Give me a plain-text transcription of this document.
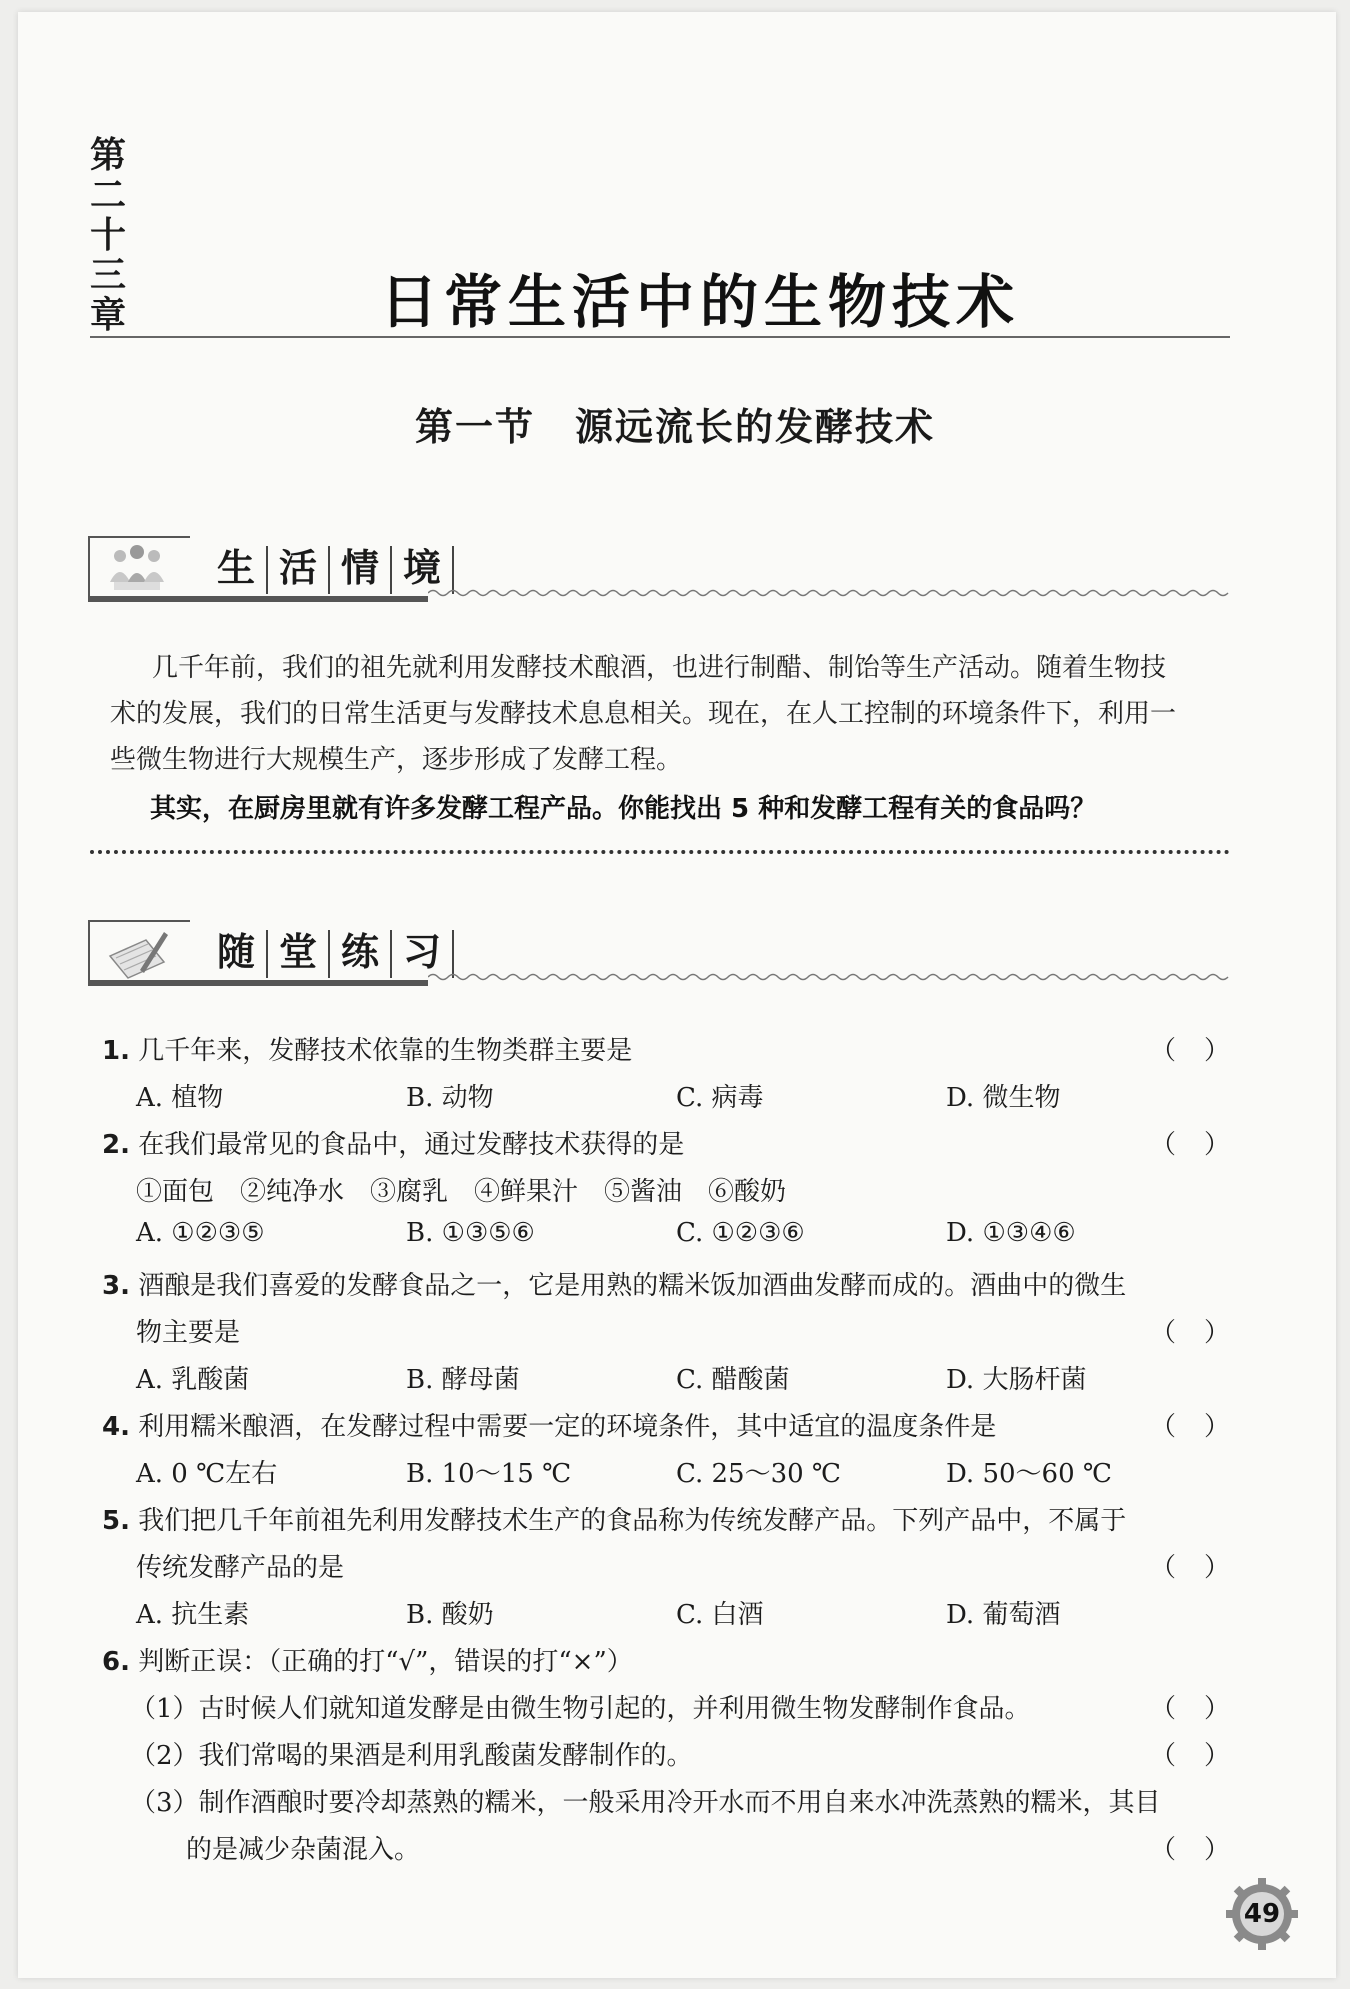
第
二
十
三
章	日常生活中的生物技术
第一节　源远流长的发酵技术
生 活 情 境
几千年前，我们的祖先就利用发酵技术酿酒，也进行制醋、制饴等生产活动。随着生物技
术的发展，我们的日常生活更与发酵技术息息相关。现在，在人工控制的环境条件下，利用一
些微生物进行大规模生产，逐步形成了发酵工程。
其实，在厨房里就有许多发酵工程产品。你能找出 5 种和发酵工程有关的食品吗？
随 堂 练 习
1. 几千年来，发酵技术依靠的生物类群主要是	（ ）
A. 植物	B. 动物	C. 病毒	D. 微生物
2. 在我们最常见的食品中，通过发酵技术获得的是	（ ）
①面包　②纯净水　③腐乳　④鲜果汁　⑤酱油　⑥酸奶
A. ①②③⑤	B. ①③⑤⑥	C. ①②③⑥	D. ①③④⑥
3. 酒酿是我们喜爱的发酵食品之一，它是用熟的糯米饭加酒曲发酵而成的。酒曲中的微生
物主要是	（ ）
A. 乳酸菌	B. 酵母菌	C. 醋酸菌	D. 大肠杆菌
4. 利用糯米酿酒，在发酵过程中需要一定的环境条件，其中适宜的温度条件是	（ ）
A. 0 ℃左右	B. 10～15 ℃	C. 25～30 ℃	D. 50～60 ℃
5. 我们把几千年前祖先利用发酵技术生产的食品称为传统发酵产品。下列产品中，不属于
传统发酵产品的是	（ ）
A. 抗生素	B. 酸奶	C. 白酒	D. 葡萄酒
6. 判断正误：（正确的打“√”，错误的打“×”）
（1）古时候人们就知道发酵是由微生物引起的，并利用微生物发酵制作食品。	（ ）
（2）我们常喝的果酒是利用乳酸菌发酵制作的。	（ ）
（3）制作酒酿时要冷却蒸熟的糯米，一般采用冷开水而不用自来水冲洗蒸熟的糯米，其目
的是减少杂菌混入。	（ ）
49
